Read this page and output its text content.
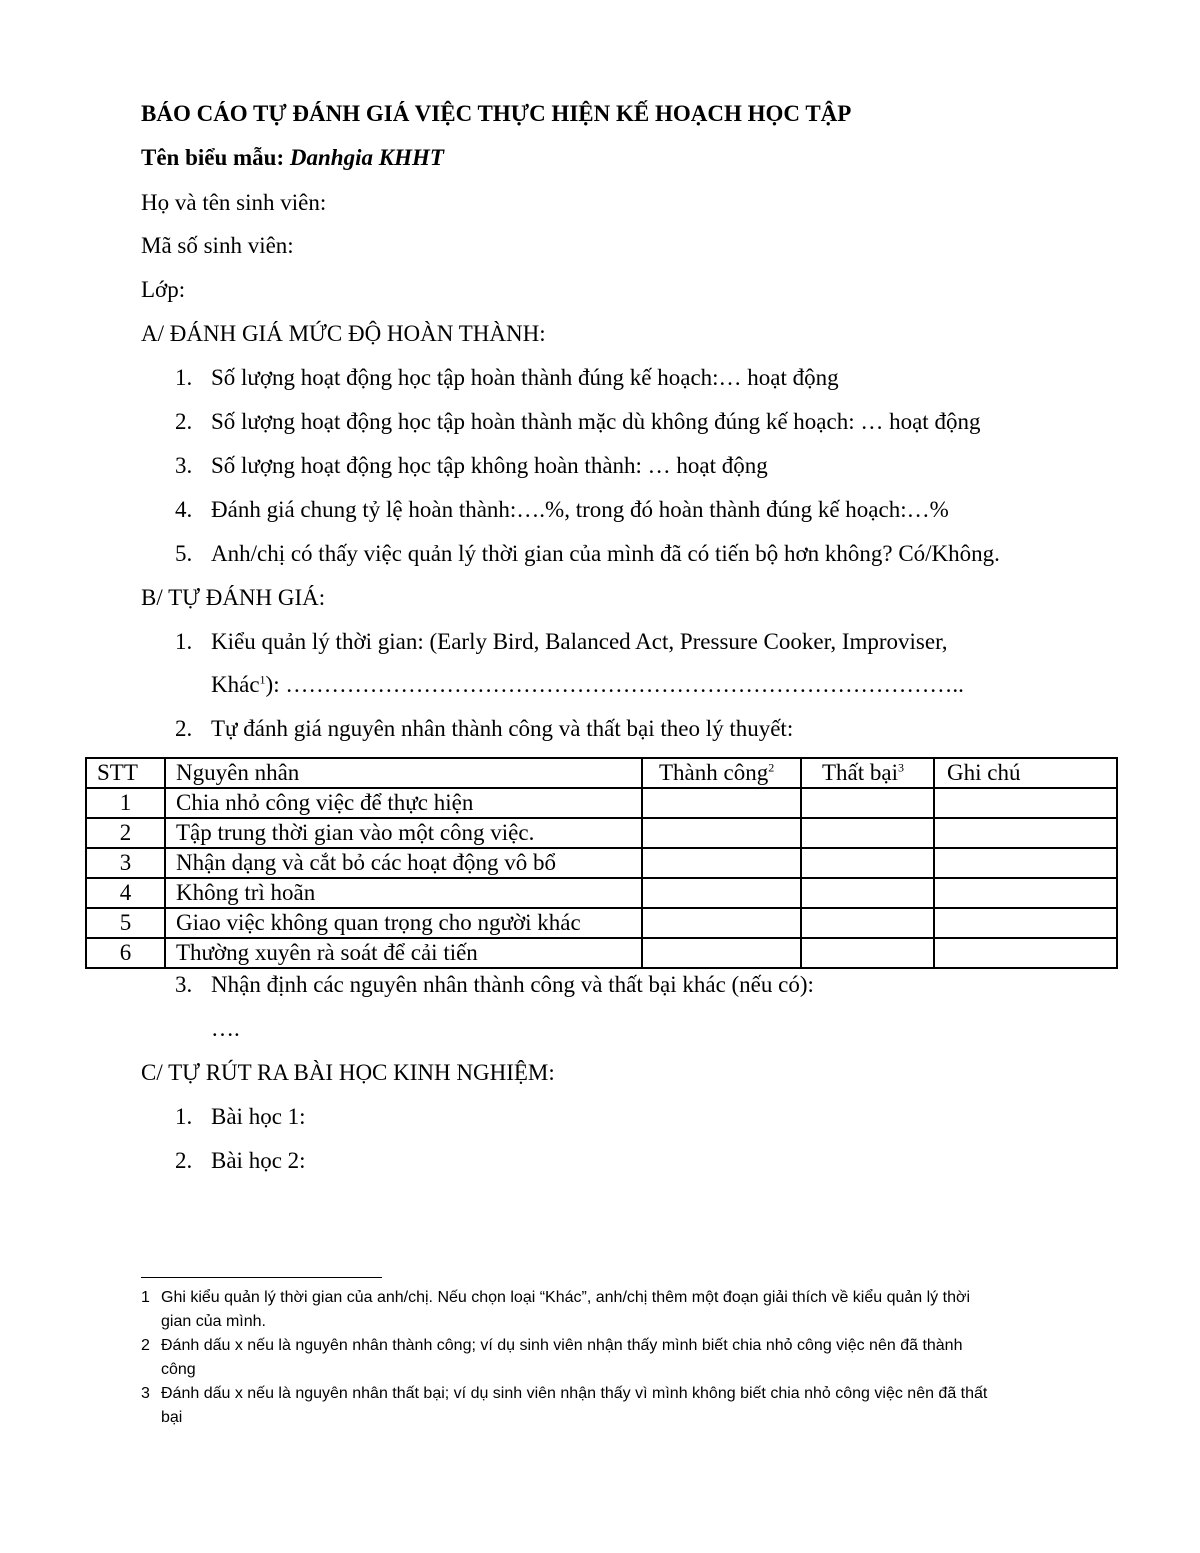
BÁO CÁO TỰ ĐÁNH GIÁ VIỆC THỰC HIỆN KẾ HOẠCH HỌC TẬP
Tên biểu mẫu: Danhgia KHHT
Họ và tên sinh viên:
Mã số sinh viên:
Lớp:
A/ ĐÁNH GIÁ MỨC ĐỘ HOÀN THÀNH:
1. Số lượng hoạt động học tập hoàn thành đúng kế hoạch:… hoạt động
2. Số lượng hoạt động học tập hoàn thành mặc dù không đúng kế hoạch: … hoạt động
3. Số lượng hoạt động học tập không hoàn thành: … hoạt động
4. Đánh giá chung tỷ lệ hoàn thành:….%, trong đó hoàn thành đúng kế hoạch:…%
5. Anh/chị có thấy việc quản lý thời gian của mình đã có tiến bộ hơn không? Có/Không.
B/ TỰ ĐÁNH GIÁ:
1. Kiểu quản lý thời gian: (Early Bird, Balanced Act, Pressure Cooker, Improviser,
Khác$^1$): ……………………………………………………………………………..
2. Tự đánh giá nguyên nhân thành công và thất bại theo lý thuyết:
STT	Nguyên nhân	Thành công$^2$	Thất bại$^3$	Ghi chú
1	Chia nhỏ công việc để thực hiện			
2	Tập trung thời gian vào một công việc.			
3	Nhận dạng và cắt bỏ các hoạt động vô bổ			
4	Không trì hoãn			
5	Giao việc không quan trọng cho người khác			
6	Thường xuyên rà soát để cải tiến			
3. Nhận định các nguyên nhân thành công và thất bại khác (nếu có):
….
C/ TỰ RÚT RA BÀI HỌC KINH NGHIỆM:
1. Bài học 1:
2. Bài học 2:
1 Ghi kiểu quản lý thời gian của anh/chị. Nếu chọn loại “Khác”, anh/chị thêm một đoạn giải thích về kiểu quản lý thời
gian của mình.
2 Đánh dấu x nếu là nguyên nhân thành công; ví dụ sinh viên nhận thấy mình biết chia nhỏ công việc nên đã thành
công
3 Đánh dấu x nếu là nguyên nhân thất bại; ví dụ sinh viên nhận thấy vì mình không biết chia nhỏ công việc nên đã thất
bại
